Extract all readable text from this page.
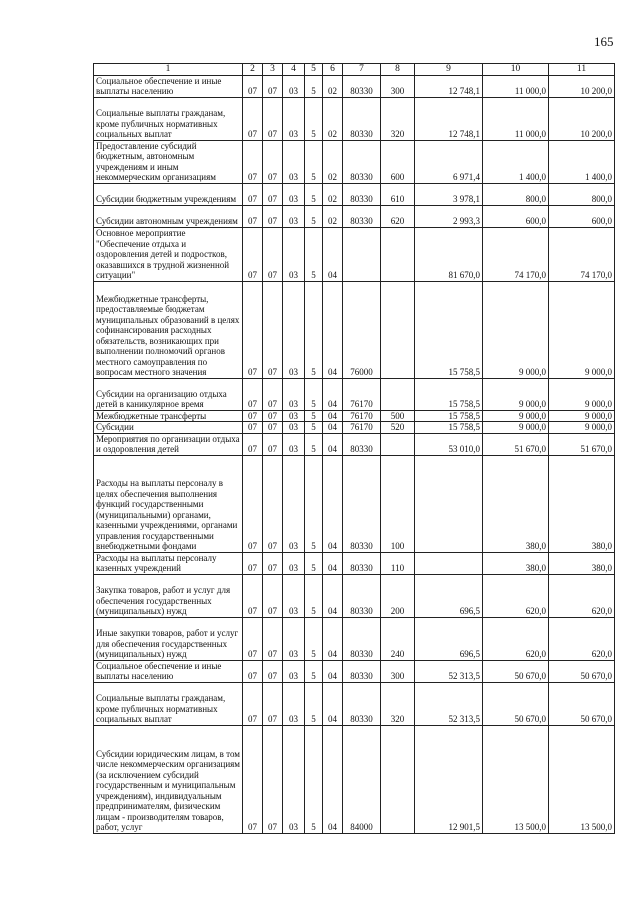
165
1	2	3	4	5	6	7	8	9	10	11
Социальное обеспечение и иные выплаты населению	07	07	03	5	02	80330	300	12 748,1	11 000,0	10 200,0
Социальные выплаты гражданам, кроме публичных нормативных социальных выплат	07	07	03	5	02	80330	320	12 748,1	11 000,0	10 200,0
Предоставление субсидий бюджетным, автономным учреждениям и иным некоммерческим организациям	07	07	03	5	02	80330	600	6 971,4	1 400,0	1 400,0
Субсидии бюджетным учреждениям	07	07	03	5	02	80330	610	3 978,1	800,0	800,0
Субсидии автономным учреждениям	07	07	03	5	02	80330	620	2 993,3	600,0	600,0
Основное мероприятие "Обеспечение отдыха и оздоровления детей и подростков, оказавшихся в трудной жизненной ситуации"	07	07	03	5	04			81 670,0	74 170,0	74 170,0
Межбюджетные трансферты, предоставляемые бюджетам муниципальных образований в целях софинансирования расходных обязательств, возникающих при выполнении полномочий органов местного самоуправления по вопросам местного значения	07	07	03	5	04	76000		15 758,5	9 000,0	9 000,0
Субсидии на организацию отдыха детей в каникулярное время	07	07	03	5	04	76170		15 758,5	9 000,0	9 000,0
Межбюджетные трансферты	07	07	03	5	04	76170	500	15 758,5	9 000,0	9 000,0
Субсидии	07	07	03	5	04	76170	520	15 758,5	9 000,0	9 000,0
Мероприятия по организации отдыха и оздоровления детей	07	07	03	5	04	80330		53 010,0	51 670,0	51 670,0
Расходы на выплаты персоналу в целях обеспечения выполнения функций государственными (муниципальными) органами, казенными учреждениями, органами управления государственными внебюджетными фондами	07	07	03	5	04	80330	100		380,0	380,0
Расходы на выплаты персоналу казенных учреждений	07	07	03	5	04	80330	110		380,0	380,0
Закупка товаров, работ и услуг для обеспечения государственных (муниципальных) нужд	07	07	03	5	04	80330	200	696,5	620,0	620,0
Иные закупки товаров, работ и услуг для обеспечения государственных (муниципальных) нужд	07	07	03	5	04	80330	240	696,5	620,0	620,0
Социальное обеспечение и иные выплаты населению	07	07	03	5	04	80330	300	52 313,5	50 670,0	50 670,0
Социальные выплаты гражданам, кроме публичных нормативных социальных выплат	07	07	03	5	04	80330	320	52 313,5	50 670,0	50 670,0
Субсидии юридическим лицам, в том числе некоммерческим организациям (за исключением субсидий государственным и муниципальным учреждениям), индивидуальным предпринимателям, физическим лицам - производителям товаров, работ, услуг	07	07	03	5	04	84000		12 901,5	13 500,0	13 500,0
